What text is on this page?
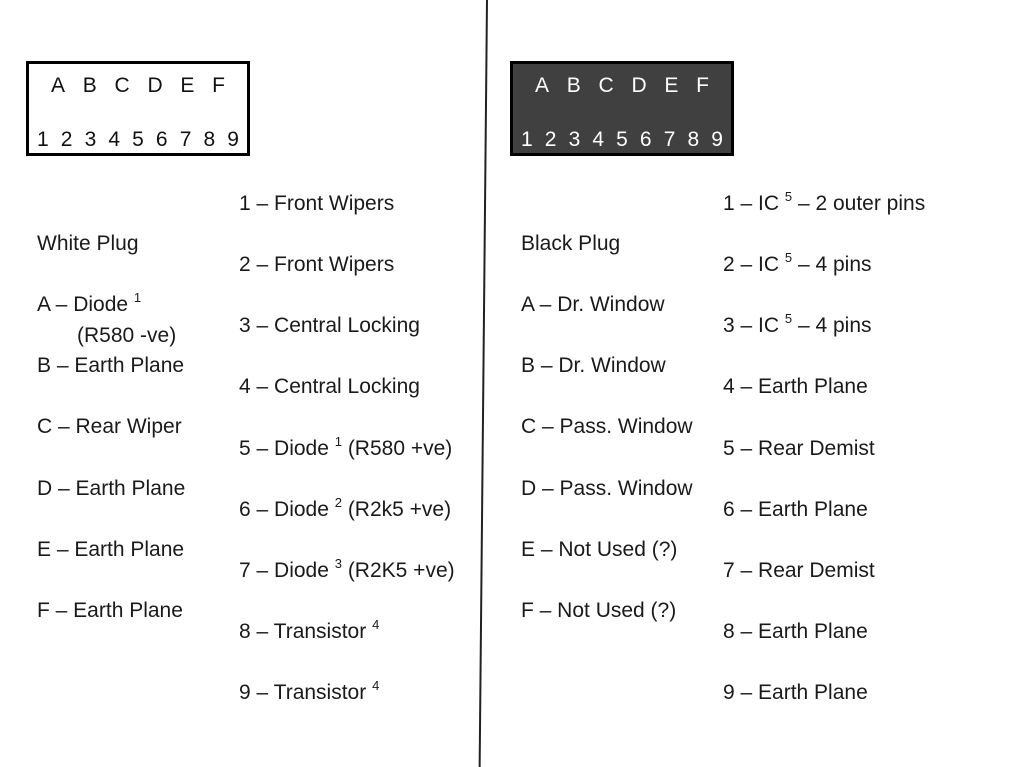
A B C D E F
1 2 3 4 5 6 7 8 9
A B C D E F
1 2 3 4 5 6 7 8 9
White Plug
A – Diode $^1$
(R580 -ve)
B – Earth Plane
C – Rear Wiper
D – Earth Plane
E – Earth Plane
F – Earth Plane
1 – Front Wipers
2 – Front Wipers
3 – Central Locking
4 – Central Locking
5 – Diode $^1$ (R580 +ve)
6 – Diode $^2$ (R2k5 +ve)
7 – Diode $^3$ (R2K5 +ve)
8 – Transistor $^4$
9 – Transistor $^4$
Black Plug
A – Dr. Window
B – Dr. Window
C – Pass. Window
D – Pass. Window
E – Not Used (?)
F – Not Used (?)
1 – IC $^5$ – 2 outer pins
2 – IC $^5$ – 4 pins
3 – IC $^5$ – 4 pins
4 – Earth Plane
5 – Rear Demist
6 – Earth Plane
7 – Rear Demist
8 – Earth Plane
9 – Earth Plane
